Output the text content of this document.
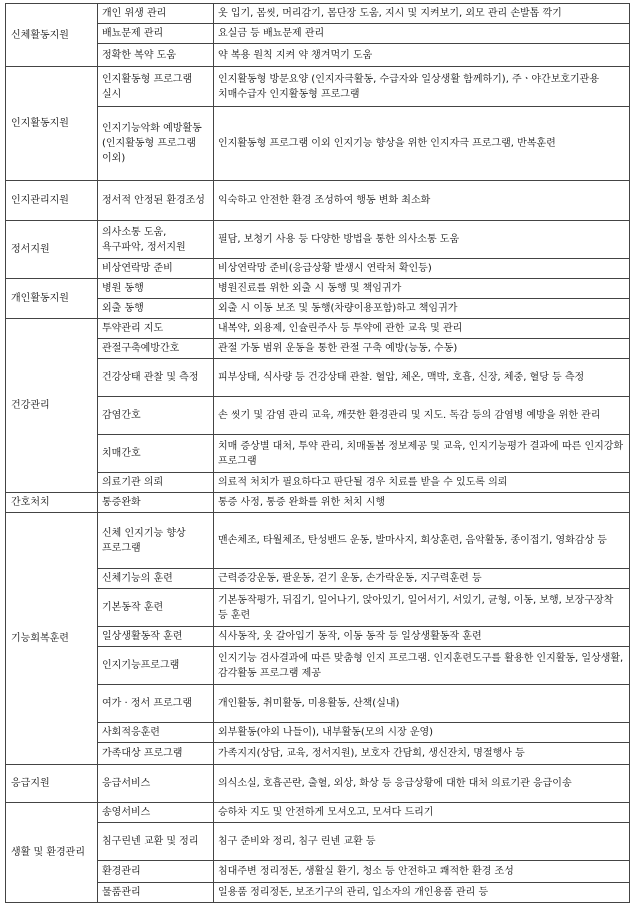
신체활동지원	개인 위생 관리	옷 입기, 몸씻, 머리감기, 몸단장 도움, 지시 및 지켜보기, 외모 관리 손발톱 깍기
	배뇨문제 관리	요실금 등 배뇨문제 관리
	정확한 복약 도움	약 복용 원칙 지켜 약 챙겨먹기 도움
인지활동지원	인지활동형 프로그램 실시	인지활동형 방문요양 (인지자극활동, 수급자와 일상생활 함께하기), 주ㆍ야간보호기관용 치매수급자 인지활동형 프로그램
	인지기능악화 예방활동 (인지활동형 프로그램 이외)	인지활동형 프로그램 이외 인지기능 향상을 위한 인지자극 프로그램, 반복훈련
인지관리지원	정서적 안정된 환경조성	익숙하고 안전한 환경 조성하여 행동 변화 최소화
정서지원	의사소통 도움, 욕구파악, 정서지원	필담, 보청기 사용 등 다양한 방법을 통한 의사소통 도움
	비상연락망 준비	비상연락망 준비(응급상황 발생시 연락처 확인등)
개인활동지원	병원 동행	병원진료를 위한 외출 시 동행 및 책임귀가
	외출 동행	외출 시 이동 보조 및 동행(차량이용포함)하고 책임귀가
건강관리	투약관리 지도	내복약, 외용제, 인슐린주사 등 투약에 관한 교육 및 관리
	관절구축예방간호	관절 가동 범위 운동을 통한 관절 구축 예방(능동, 수동)
	건강상태 관찰 및 측정	피부상태, 식사량 등 건강상태 관찰. 혈압, 체온, 맥박, 호흡, 신장, 체중, 혈당 등 측정
	감염간호	손 씻기 및 감염 관리 교육, 깨끗한 환경관리 및 지도. 독감 등의 감염병 예방을 위한 관리
	치매간호	치매 증상별 대처, 투약 관리, 치매돌봄 정보제공 및 교육, 인지기능평가 결과에 따른 인지강화 프로그램
	의료기관 의뢰	의료적 처치가 필요하다고 판단될 경우 치료를 받을 수 있도록 의뢰
간호처치	통증완화	통증 사정, 통증 완화를 위한 처치 시행
기능회복훈련	신체 인지기능 향상 프로그램	맨손체조, 타월체조, 탄성밴드 운동, 발마사지, 회상훈련, 음악활동, 종이접기, 영화감상 등
	신체기능의 훈련	근력증강운동, 팔운동, 걷기 운동, 손가락운동, 지구력훈련 등
	기본동작 훈련	기본동작평가, 뒤집기, 일어나기, 앉아있기, 일어서기, 서있기, 균형, 이동, 보행, 보장구장착 등 훈련
	일상생활동작 훈련	식사동작, 옷 갈아입기 동작, 이동 동작 등 일상생활동작 훈련
	인지기능프로그램	인지기능 검사결과에 따른 맞춤형 인지 프로그램. 인지훈련도구를 활용한 인지활동, 일상생활, 감각활동 프로그램 제공
	여가 · 정서 프로그램	개인활동, 취미활동, 미용활동, 산책(실내)
	사회적응훈련	외부활동(야외 나들이), 내부활동(모의 시장 운영)
	가족대상 프로그램	가족지지(상담, 교육, 정서지원), 보호자 간담회, 생신잔치, 명절행사 등
응급지원	응급서비스	의식소실, 호흡곤란, 출혈, 외상, 화상 등 응급상황에 대한 대처 의료기관 응급이송
생활 및 환경관리	송영서비스	승하차 지도 및 안전하게 모셔오고, 모셔다 드리기
	침구린넨 교환 및 정리	침구 준비와 정리, 침구 린넨 교환 등
	환경관리	침대주변 정리정돈, 생활실 환기, 청소 등 안전하고 쾌적한 환경 조성
	물품관리	일용품 정리정돈, 보조기구의 관리, 입소자의 개인용품 관리 등
